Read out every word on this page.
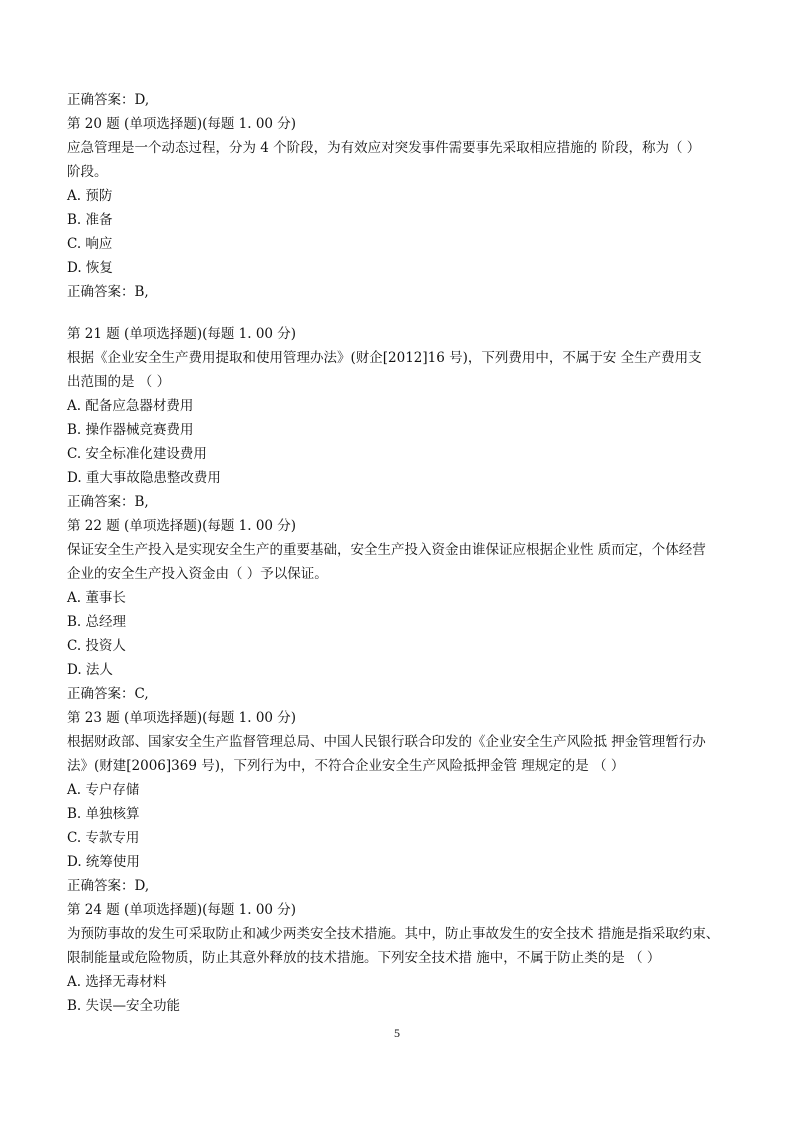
正确答案：D,
第 20 题 (单项选择题)(每题 1. 00 分)
应急管理是一个动态过程，分为 4 个阶段，为有效应对突发事件需要事先采取相应措施的 阶段，称为（ ）
阶段。
A. 预防
B. 准备
C. 响应
D. 恢复
正确答案：B,
第 21 题 (单项选择题)(每题 1. 00 分)
根据《企业安全生产费用提取和使用管理办法》(财企[2012]16 号)，下列费用中，不属于安 全生产费用支
出范围的是 （ ）
A. 配备应急器材费用
B. 操作器械竞赛费用
C. 安全标准化建设费用
D. 重大事故隐患整改费用
正确答案：B,
第 22 题 (单项选择题)(每题 1. 00 分)
保证安全生产投入是实现安全生产的重要基础，安全生产投入资金由谁保证应根据企业性 质而定，个体经营
企业的安全生产投入资金由（ ）予以保证。
A. 董事长
B. 总经理
C. 投资人
D. 法人
正确答案：C,
第 23 题 (单项选择题)(每题 1. 00 分)
根据财政部、国家安全生产监督管理总局、中国人民银行联合印发的《企业安全生产风险抵 押金管理暂行办
法》(财建[2006]369 号)，下列行为中，不符合企业安全生产风险抵押金管 理规定的是 （ ）
A. 专户存储
B. 单独核算
C. 专款专用
D. 统筹使用
正确答案：D,
第 24 题 (单项选择题)(每题 1. 00 分)
为预防事故的发生可采取防止和减少两类安全技术措施。其中，防止事故发生的安全技术 措施是指采取约束、
限制能量或危险物质，防止其意外释放的技术措施。下列安全技术措 施中，不属于防止类的是 （ ）
A. 选择无毒材料
B. 失误—安全功能
5
